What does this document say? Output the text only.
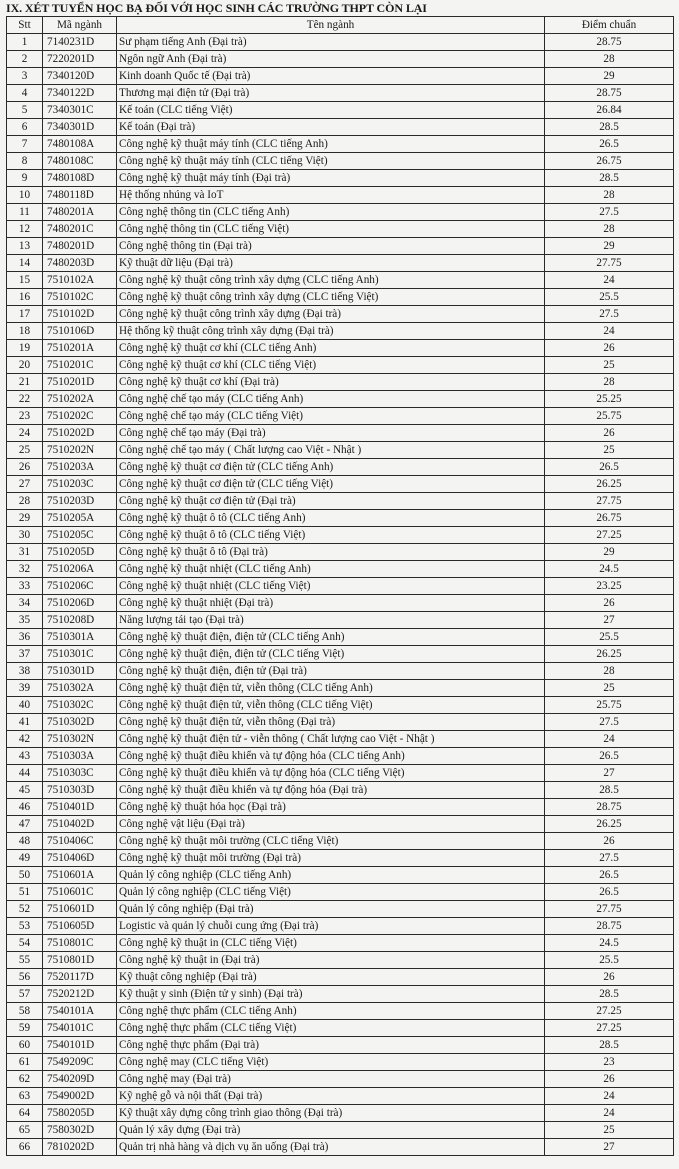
IX. XÉT TUYỂN HỌC BẠ ĐỐI VỚI HỌC SINH CÁC TRƯỜNG THPT CÒN LẠI
Stt	Mã ngành	Tên ngành	Điểm chuẩn
1	7140231D	Sư phạm tiếng Anh (Đại trà)	28.75
2	7220201D	Ngôn ngữ Anh (Đại trà)	28
3	7340120D	Kinh doanh Quốc tế (Đại trà)	29
4	7340122D	Thương mại điện tử (Đại trà)	28.75
5	7340301C	Kế toán (CLC tiếng Việt)	26.84
6	7340301D	Kế toán (Đại trà)	28.5
7	7480108A	Công nghệ kỹ thuật máy tính (CLC tiếng Anh)	26.5
8	7480108C	Công nghệ kỹ thuật máy tính (CLC tiếng Việt)	26.75
9	7480108D	Công nghệ kỹ thuật máy tính (Đại trà)	28.5
10	7480118D	Hệ thống nhúng và IoT	28
11	7480201A	Công nghệ thông tin (CLC tiếng Anh)	27.5
12	7480201C	Công nghệ thông tin (CLC tiếng Việt)	28
13	7480201D	Công nghệ thông tin (Đại trà)	29
14	7480203D	Kỹ thuật dữ liệu (Đại trà)	27.75
15	7510102A	Công nghệ kỹ thuật công trình xây dựng (CLC tiếng Anh)	24
16	7510102C	Công nghệ kỹ thuật công trình xây dựng (CLC tiếng Việt)	25.5
17	7510102D	Công nghệ kỹ thuật công trình xây dựng (Đại trà)	27.5
18	7510106D	Hệ thống kỹ thuật công trình xây dựng (Đại trà)	24
19	7510201A	Công nghệ kỹ thuật cơ khí (CLC tiếng Anh)	26
20	7510201C	Công nghệ kỹ thuật cơ khí (CLC tiếng Việt)	25
21	7510201D	Công nghệ kỹ thuật cơ khí (Đại trà)	28
22	7510202A	Công nghệ chế tạo máy (CLC tiếng Anh)	25.25
23	7510202C	Công nghệ chế tạo máy (CLC tiếng Việt)	25.75
24	7510202D	Công nghệ chế tạo máy (Đại trà)	26
25	7510202N	Công nghệ chế tạo máy ( Chất lượng cao Việt - Nhật )	25
26	7510203A	Công nghệ kỹ thuật cơ điện tử (CLC tiếng Anh)	26.5
27	7510203C	Công nghệ kỹ thuật cơ điện tử (CLC tiếng Việt)	26.25
28	7510203D	Công nghệ kỹ thuật cơ điện tử (Đại trà)	27.75
29	7510205A	Công nghệ kỹ thuật ô tô (CLC tiếng Anh)	26.75
30	7510205C	Công nghệ kỹ thuật ô tô (CLC tiếng Việt)	27.25
31	7510205D	Công nghệ kỹ thuật ô tô (Đại trà)	29
32	7510206A	Công nghệ kỹ thuật nhiệt (CLC tiếng Anh)	24.5
33	7510206C	Công nghệ kỹ thuật nhiệt (CLC tiếng Việt)	23.25
34	7510206D	Công nghệ kỹ thuật nhiệt (Đại trà)	26
35	7510208D	Năng lượng tái tạo (Đại trà)	27
36	7510301A	Công nghệ kỹ thuật điện, điện tử (CLC tiếng Anh)	25.5
37	7510301C	Công nghệ kỹ thuật điện, điện tử (CLC tiếng Việt)	26.25
38	7510301D	Công nghệ kỹ thuật điện, điện tử (Đại trà)	28
39	7510302A	Công nghệ kỹ thuật điện tử, viễn thông (CLC tiếng Anh)	25
40	7510302C	Công nghệ kỹ thuật điện tử, viễn thông (CLC tiếng Việt)	25.75
41	7510302D	Công nghệ kỹ thuật điện tử, viễn thông (Đại trà)	27.5
42	7510302N	Công nghệ kỹ thuật điện tử - viễn thông ( Chất lượng cao Việt - Nhật )	24
43	7510303A	Công nghệ kỹ thuật điều khiển và tự động hóa (CLC tiếng Anh)	26.5
44	7510303C	Công nghệ kỹ thuật điều khiển và tự động hóa (CLC tiếng Việt)	27
45	7510303D	Công nghệ kỹ thuật điều khiển và tự động hóa (Đại trà)	28.5
46	7510401D	Công nghệ kỹ thuật hóa học (Đại trà)	28.75
47	7510402D	Công nghệ vật liệu (Đại trà)	26.25
48	7510406C	Công nghệ kỹ thuật môi trường (CLC tiếng Việt)	26
49	7510406D	Công nghệ kỹ thuật môi trường (Đại trà)	27.5
50	7510601A	Quản lý công nghiệp (CLC tiếng Anh)	26.5
51	7510601C	Quản lý công nghiệp (CLC tiếng Việt)	26.5
52	7510601D	Quản lý công nghiệp (Đại trà)	27.75
53	7510605D	Logistic và quản lý chuỗi cung ứng (Đại trà)	28.75
54	7510801C	Công nghệ kỹ thuật in (CLC tiếng Việt)	24.5
55	7510801D	Công nghệ kỹ thuật in (Đại trà)	25.5
56	7520117D	Kỹ thuật công nghiệp (Đại trà)	26
57	7520212D	Kỹ thuật y sinh (Điện tử y sinh) (Đại trà)	28.5
58	7540101A	Công nghệ thực phẩm (CLC tiếng Anh)	27.25
59	7540101C	Công nghệ thực phẩm (CLC tiếng Việt)	27.25
60	7540101D	Công nghệ thực phẩm (Đại trà)	28.5
61	7549209C	Công nghệ may (CLC tiếng Việt)	23
62	7540209D	Công nghệ may (Đại trà)	26
63	7549002D	Kỹ nghệ gỗ và nội thất (Đại trà)	24
64	7580205D	Kỹ thuật xây dựng công trình giao thông (Đại trà)	24
65	7580302D	Quản lý xây dựng (Đại trà)	25
66	7810202D	Quản trị nhà hàng và dịch vụ ăn uống (Đại trà)	27
